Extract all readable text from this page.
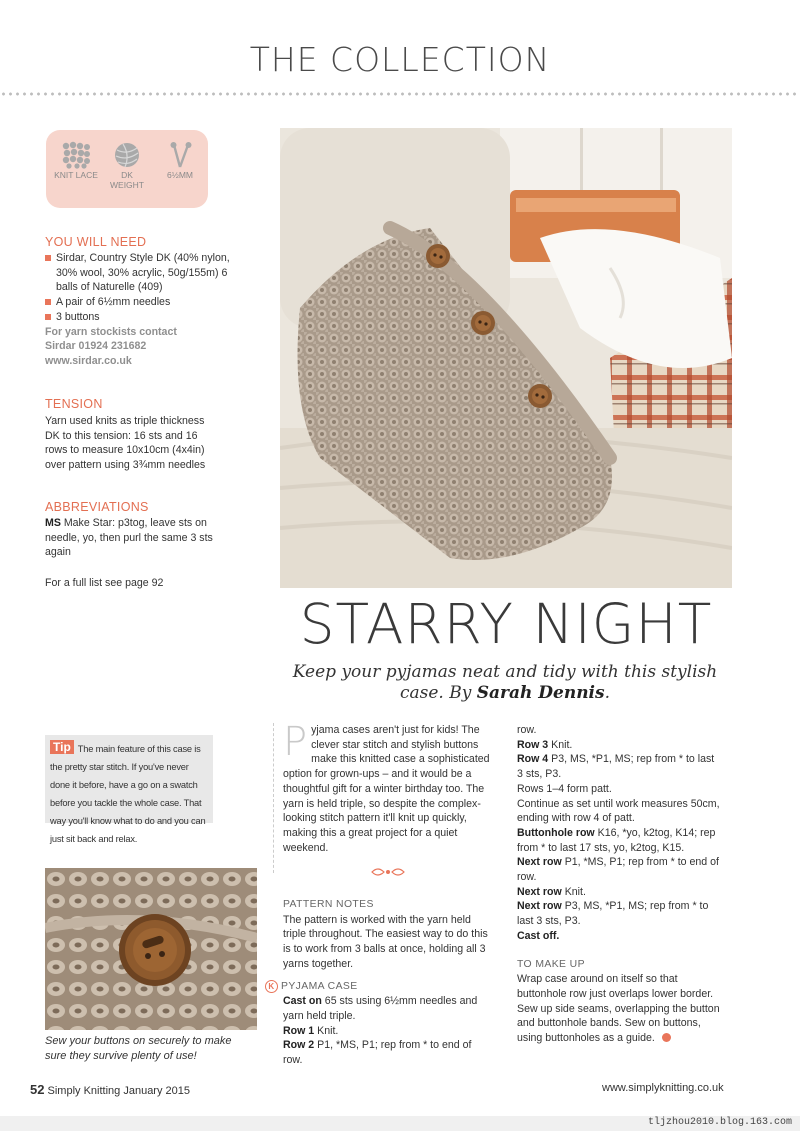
THE COLLECTION
KNIT LACE	DK WEIGHT
6½MM
YOU WILL NEED
Sirdar, Country Style DK (40% nylon, 30% wool, 30% acrylic, 50g/155m) 6 balls of Naturelle (409)
A pair of 6½mm needles
3 buttons
For yarn stockists contact
Sirdar 01924 231682
www.sirdar.co.uk
TENSION
Yarn used knits as triple thickness DK to this tension: 16 sts and 16 rows to measure 10x10cm (4x4in) over pattern using 3¾mm needles
ABBREVIATIONS
MS Make Star: p3tog, leave sts on needle, yo, then purl the same 3 sts again
For a full list see page 92
STARRY NIGHT
Keep your pyjamas neat and tidy with this stylish case. By Sarah Dennis.
Tip The main feature of this case is the pretty star stitch. If you've never done it before, have a go on a swatch before you tackle the whole case. That way you'll know what to do and you can just sit back and relax.
Sew your buttons on securely to make sure they survive plenty of use!
P yjama cases aren't just for kids! The clever star stitch and stylish buttons make this knitted case a sophisticated option for grown-ups – and it would be a thoughtful gift for a winter birthday too. The yarn is held triple, so despite the complex-looking stitch pattern it'll knit up quickly, making this a great project for a quiet weekend.
PATTERN NOTES
The pattern is worked with the yarn held triple throughout. The easiest way to do this is to work from 3 balls at once, holding all 3 yarns together.
K PYJAMA CASE
Cast on 65 sts using 6½mm needles and yarn held triple.
Row 1 Knit.
Row 2 P1, *MS, P1; rep from * to end of row.
row.
Row 3 Knit.
Row 4 P3, MS, *P1, MS; rep from * to last 3 sts, P3.
Rows 1–4 form patt.
Continue as set until work measures 50cm, ending with row 4 of patt.
Buttonhole row K16, *yo, k2tog, K14; rep from * to last 17 sts, yo, k2tog, K15.
Next row P1, *MS, P1; rep from * to end of row.
Next row Knit.
Next row P3, MS, *P1, MS; rep from * to last 3 sts, P3.
Cast off.
TO MAKE UP
Wrap case around on itself so that buttonhole row just overlaps lower border. Sew up side seams, overlapping the button and buttonhole bands. Sew on buttons, using buttonholes as a guide.
52 Simply Knitting January 2015	www.simplyknitting.co.uk
tljzhou2010.blog.163.com
